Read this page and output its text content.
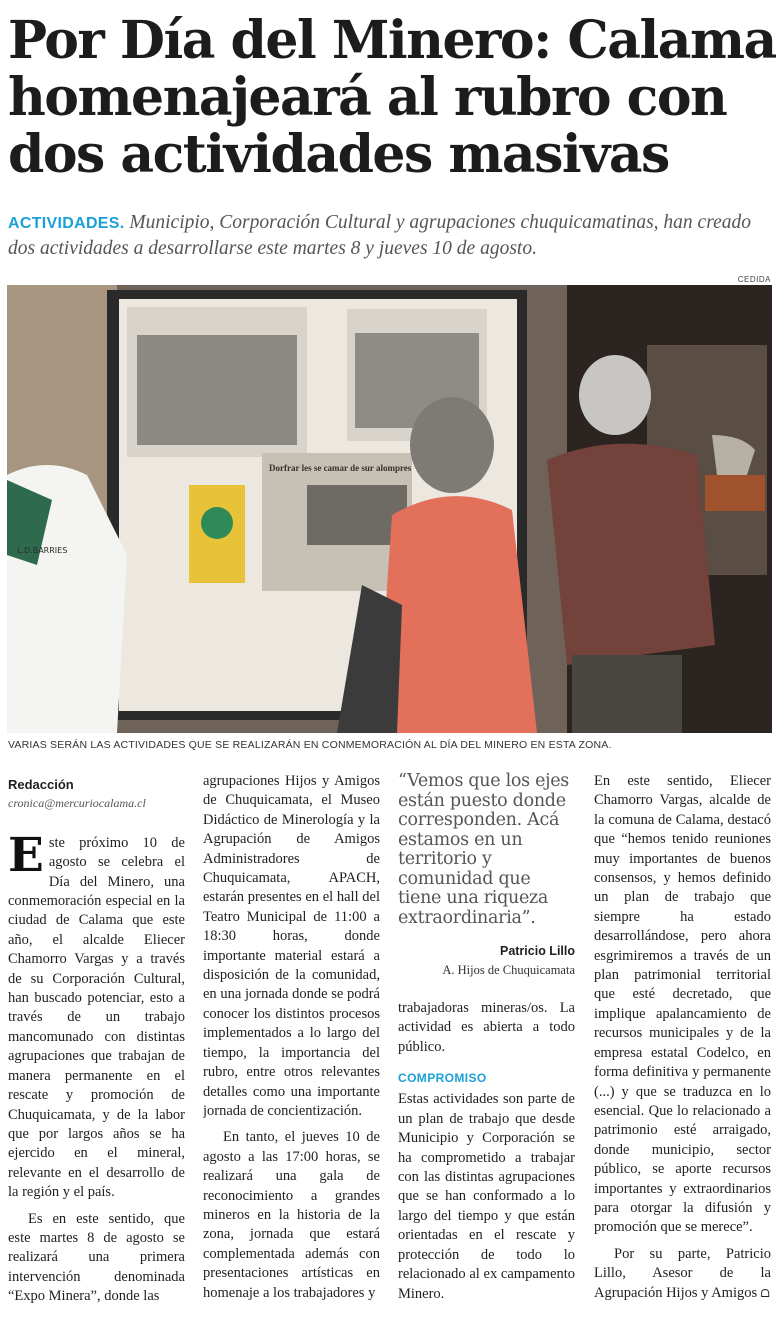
Por Día del Minero: Calama
homenajeará al rubro con
dos actividades masivas

ACTIVIDADES. Municipio, Corporación Cultural y agrupaciones chuquicamatinas, han creado dos actividades a desarrollarse este martes 8 y jueves 10 de agosto.

CEDIDA
Dorfrar les se camar de sur alompres
L.D.BARRIES
VARIAS SERÁN LAS ACTIVIDADES QUE SE REALIZARÁN EN CONMEMORACIÓN AL DÍA DEL MINERO EN ESTA ZONA.
Redacción
cronica@mercuriocalama.cl

Este próximo 10 de agosto se celebra el Día del Minero, una conmemoración especial en la ciudad de Calama que este año, el alcalde Eliecer Chamorro Vargas y a través de su Corporación Cultural, han buscado potenciar, esto a través de un trabajo mancomunado con distintas agrupaciones que trabajan de manera permanente en el rescate y promoción de Chuquicamata, y de la labor que por largos años se ha ejercido en el mineral, relevante en el desarrollo de la región y el país.

Es en este sentido, que este martes 8 de agosto se realizará una primera intervención denominada “Expo Minera”, donde las

agrupaciones Hijos y Amigos de Chuquicamata, el Museo Didáctico de Minerología y la Agrupación de Amigos Administradores de Chuquicamata, APACH, estarán presentes en el hall del Teatro Municipal de 11:00 a 18:30 horas, donde importante material estará a disposición de la comunidad, en una jornada donde se podrá conocer los distintos procesos implementados a lo largo del tiempo, la importancia del rubro, entre otros relevantes detalles como una importante jornada de concientización.

En tanto, el jueves 10 de agosto a las 17:00 horas, se realizará una gala de reconocimiento a grandes mineros en la historia de la zona, jornada que estará complementada además con presentaciones artísticas en homenaje a los trabajadores y

“Vemos que los ejes están puesto donde corresponden. Acá estamos en un territorio y comunidad que tiene una riqueza extraordinaria”.
Patricio Lillo
A. Hijos de Chuquicamata

trabajadoras mineras/os. La actividad es abierta a todo público.

COMPROMISO

Estas actividades son parte de un plan de trabajo que desde Municipio y Corporación se ha comprometido a trabajar con las distintas agrupaciones que se han conformado a lo largo del tiempo y que están orientadas en el rescate y protección de todo lo relacionado al ex campamento Minero.

En este sentido, Eliecer Chamorro Vargas, alcalde de la comuna de Calama, destacó que “hemos tenido reuniones muy importantes de buenos consensos, y hemos definido un plan de trabajo que siempre ha estado desarrollándose, pero ahora esgrimiremos a través de un plan patrimonial territorial que esté decretado, que implique apalancamiento de recursos municipales y de la empresa estatal Codelco, en forma definitiva y permanente (...) y que se traduzca en lo esencial. Que lo relacionado a patrimonio esté arraigado, donde municipio, sector público, se aporte recursos importantes y extraordinarios para otorgar la difusión y promoción que se merece”.

Por su parte, Patricio Lillo, Asesor de la Agrupación Hijos y Amigos ᗝ
